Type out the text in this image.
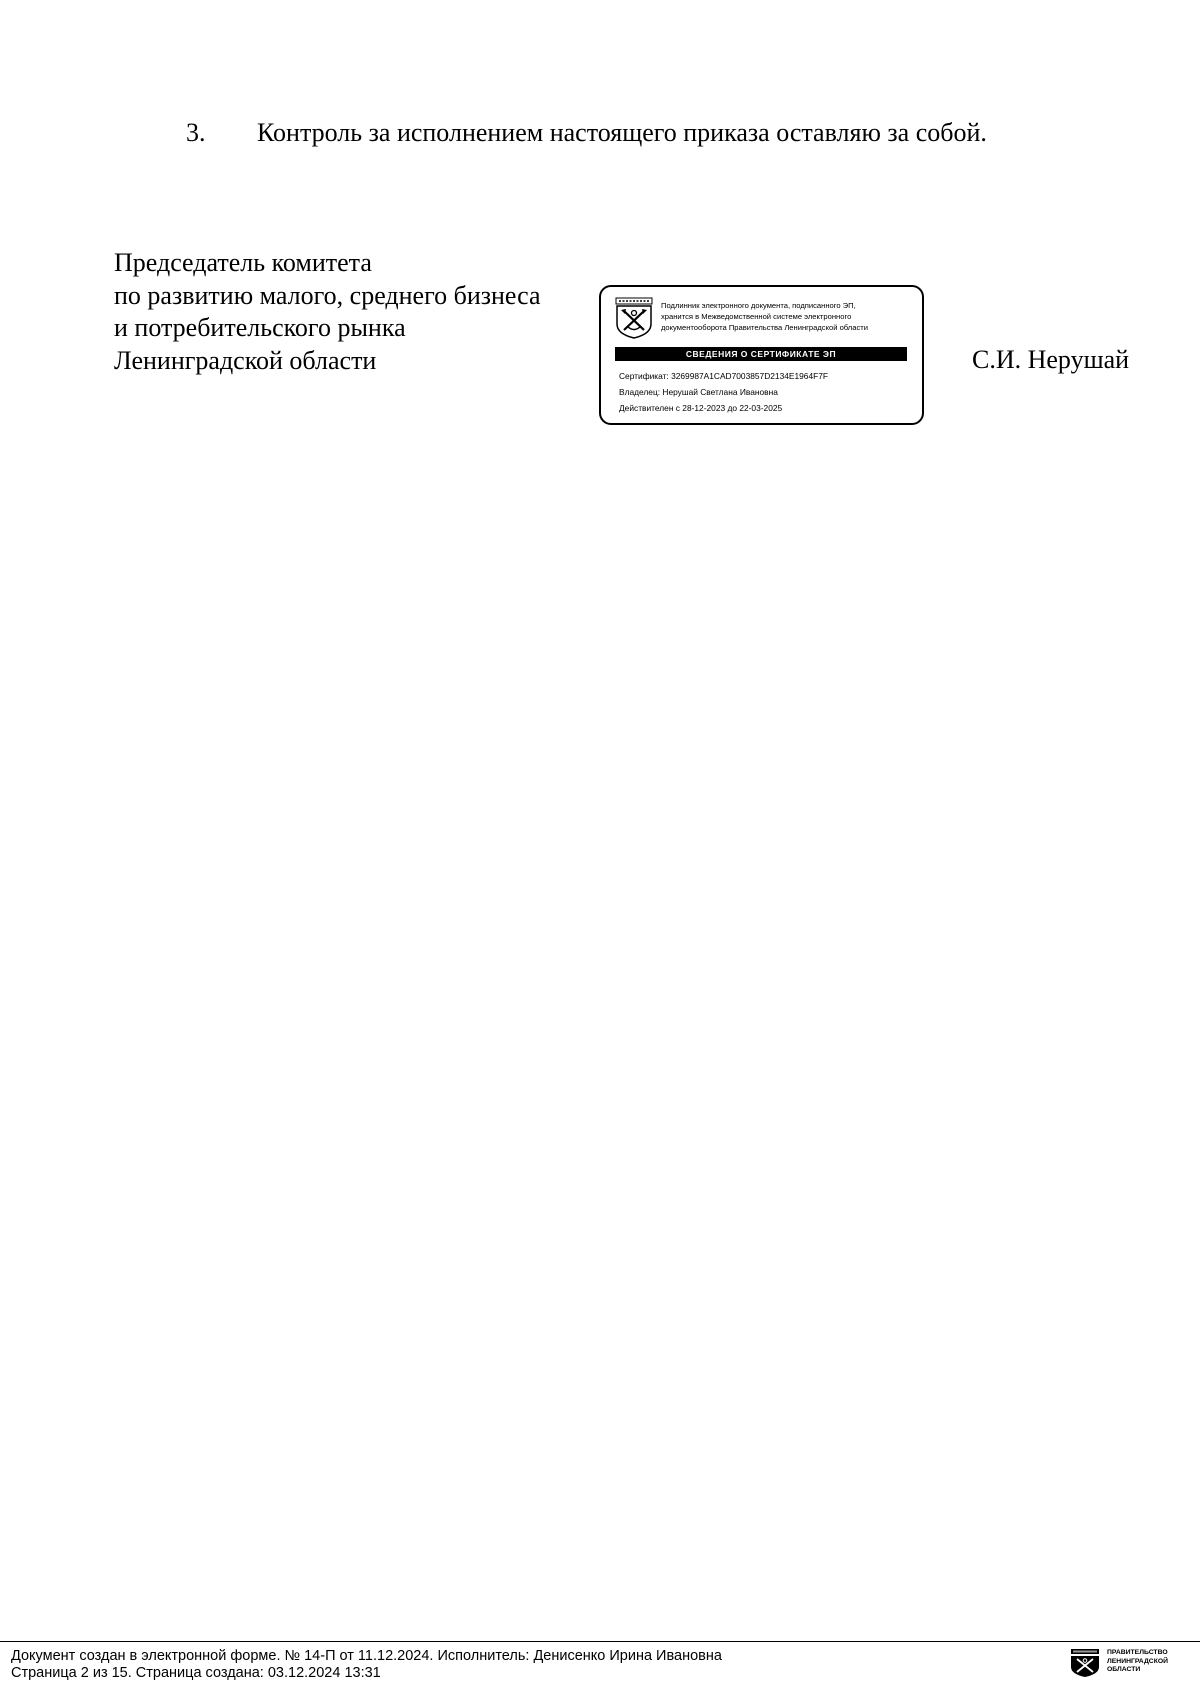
3. Контроль за исполнением настоящего приказа оставляю за собой.
Председатель комитета
по развитию малого, среднего бизнеса
и потребительского рынка
Ленинградской области
Подлинник электронного документа, подписанного ЭП,
хранится в Межведомственной системе электронного
документооборота Правительства Ленинградской области
СВЕДЕНИЯ О СЕРТИФИКАТЕ ЭП
Сертификат: 3269987A1CAD7003857D2134E1964F7F
Владелец: Нерушай Светлана Ивановна
Действителен с 28-12-2023 до 22-03-2025
С.И. Нерушай
Документ создан в электронной форме. № 14-П от 11.12.2024. Исполнитель: Денисенко Ирина Ивановна
Страница 2 из 15. Страница создана: 03.12.2024 13:31
ПРАВИТЕЛЬСТВО
ЛЕНИНГРАДСКОЙ
ОБЛАСТИ
